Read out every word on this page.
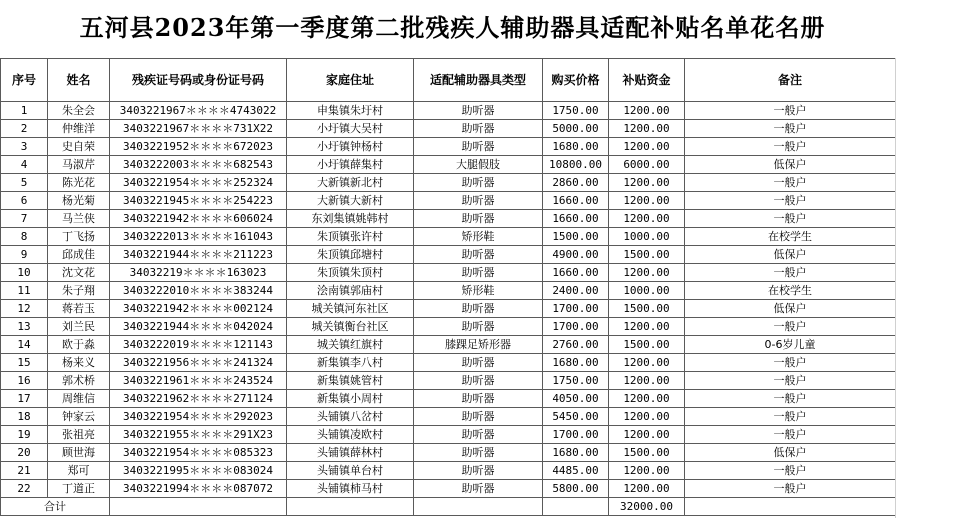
五河县2023年第一季度第二批残疾人辅助器具适配补贴名单花名册
序号	姓名	残疾证号码或身份证号码	家庭住址	适配辅助器具类型	购买价格	补贴资金	备注
1	朱全会	3403221967＊＊＊＊4743022	申集镇朱圩村	助听器	1750.00	1200.00	一般户
2	仲维洋	3403221967＊＊＊＊731X22	小圩镇大吴村	助听器	5000.00	1200.00	一般户
3	史自荣	3403221952＊＊＊＊672023	小圩镇钟杨村	助听器	1680.00	1200.00	一般户
4	马淑芹	3403222003＊＊＊＊682543	小圩镇薛集村	大腿假肢	10800.00	6000.00	低保户
5	陈光花	3403221954＊＊＊＊252324	大新镇新北村	助听器	2860.00	1200.00	一般户
6	杨光菊	3403221945＊＊＊＊254223	大新镇大新村	助听器	1660.00	1200.00	一般户
7	马兰侠	3403221942＊＊＊＊606024	东刘集镇姚韩村	助听器	1660.00	1200.00	一般户
8	丁飞扬	3403222013＊＊＊＊161043	朱顶镇张许村	矫形鞋	1500.00	1000.00	在校学生
9	邱成佳	3403221944＊＊＊＊211223	朱顶镇邱塘村	助听器	4900.00	1500.00	低保户
10	沈文花	34032219＊＊＊＊163023	朱顶镇朱顶村	助听器	1660.00	1200.00	一般户
11	朱子翔	3403222010＊＊＊＊383244	浍南镇郭庙村	矫形鞋	2400.00	1000.00	在校学生
12	蒋若玉	3403221942＊＊＊＊002124	城关镇河东社区	助听器	1700.00	1500.00	低保户
13	刘兰民	3403221944＊＊＊＊042024	城关镇衡台社区	助听器	1700.00	1200.00	一般户
14	欧于淼	3403222019＊＊＊＊121143	城关镇红旗村	膝踝足矫形器	2760.00	1500.00	0-6岁儿童
15	杨来义	3403221956＊＊＊＊241324	新集镇李八村	助听器	1680.00	1200.00	一般户
16	郭术桥	3403221961＊＊＊＊243524	新集镇姚管村	助听器	1750.00	1200.00	一般户
17	周维信	3403221962＊＊＊＊271124	新集镇小周村	助听器	4050.00	1200.00	一般户
18	钟家云	3403221954＊＊＊＊292023	头铺镇八岔村	助听器	5450.00	1200.00	一般户
19	张祖亮	3403221955＊＊＊＊291X23	头铺镇凌欧村	助听器	1700.00	1200.00	一般户
20	顾世海	3403221954＊＊＊＊085323	头铺镇薛林村	助听器	1680.00	1500.00	低保户
21	郑可	3403221995＊＊＊＊083024	头铺镇单台村	助听器	4485.00	1200.00	一般户
22	丁道正	3403221994＊＊＊＊087072	头铺镇柿马村	助听器	5800.00	1200.00	一般户
合计						32000.00	
